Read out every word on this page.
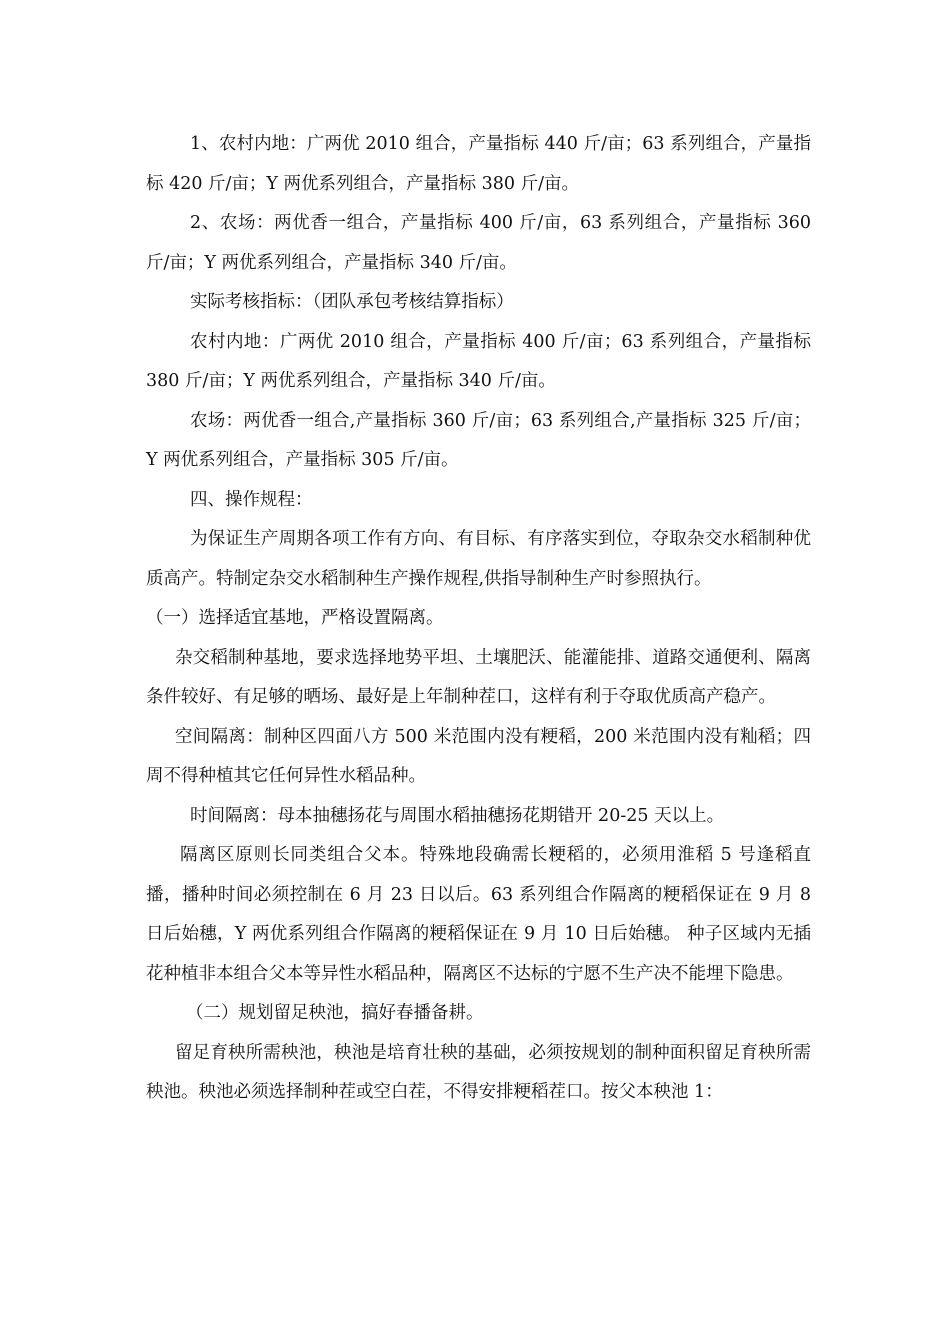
1、农村内地：广两优 2010 组合，产量指标 440 斤/亩；63 系列组合，产量指标 420 斤/亩；Y 两优系列组合，产量指标 380 斤/亩。

2、农场：两优香一组合，产量指标 400 斤/亩，63 系列组合，产量指标 360 斤/亩；Y 两优系列组合，产量指标 340 斤/亩。

实际考核指标：（团队承包考核结算指标）

农村内地：广两优 2010 组合，产量指标 400 斤/亩；63 系列组合，产量指标 380 斤/亩；Y 两优系列组合，产量指标 340 斤/亩。

农场：两优香一组合,产量指标 360 斤/亩；63 系列组合,产量指标 325 斤/亩；Y 两优系列组合，产量指标 305 斤/亩。

四、操作规程：

为保证生产周期各项工作有方向、有目标、有序落实到位，夺取杂交水稻制种优质高产。特制定杂交水稻制种生产操作规程,供指导制种生产时参照执行。

（一）选择适宜基地，严格设置隔离。

杂交稻制种基地，要求选择地势平坦、土壤肥沃、能灌能排、道路交通便利、隔离条件较好、有足够的晒场、最好是上年制种茬口，这样有利于夺取优质高产稳产。

空间隔离：制种区四面八方 500 米范围内没有粳稻，200 米范围内没有籼稻；四周不得种植其它任何异性水稻品种。

时间隔离：母本抽穗扬花与周围水稻抽穗扬花期错开 20-25 天以上。

隔离区原则长同类组合父本。特殊地段确需长粳稻的，必须用淮稻 5 号逢稻直播，播种时间必须控制在 6 月 23 日以后。63 系列组合作隔离的粳稻保证在 9 月 8 日后始穗，Y 两优系列组合作隔离的粳稻保证在 9 月 10 日后始穗。 种子区域内无插花种植非本组合父本等异性水稻品种，隔离区不达标的宁愿不生产决不能埋下隐患。

（二）规划留足秧池，搞好春播备耕。

留足育秧所需秧池，秧池是培育壮秧的基础，必须按规划的制种面积留足育秧所需秧池。秧池必须选择制种茬或空白茬，不得安排粳稻茬口。按父本秧池 1：
